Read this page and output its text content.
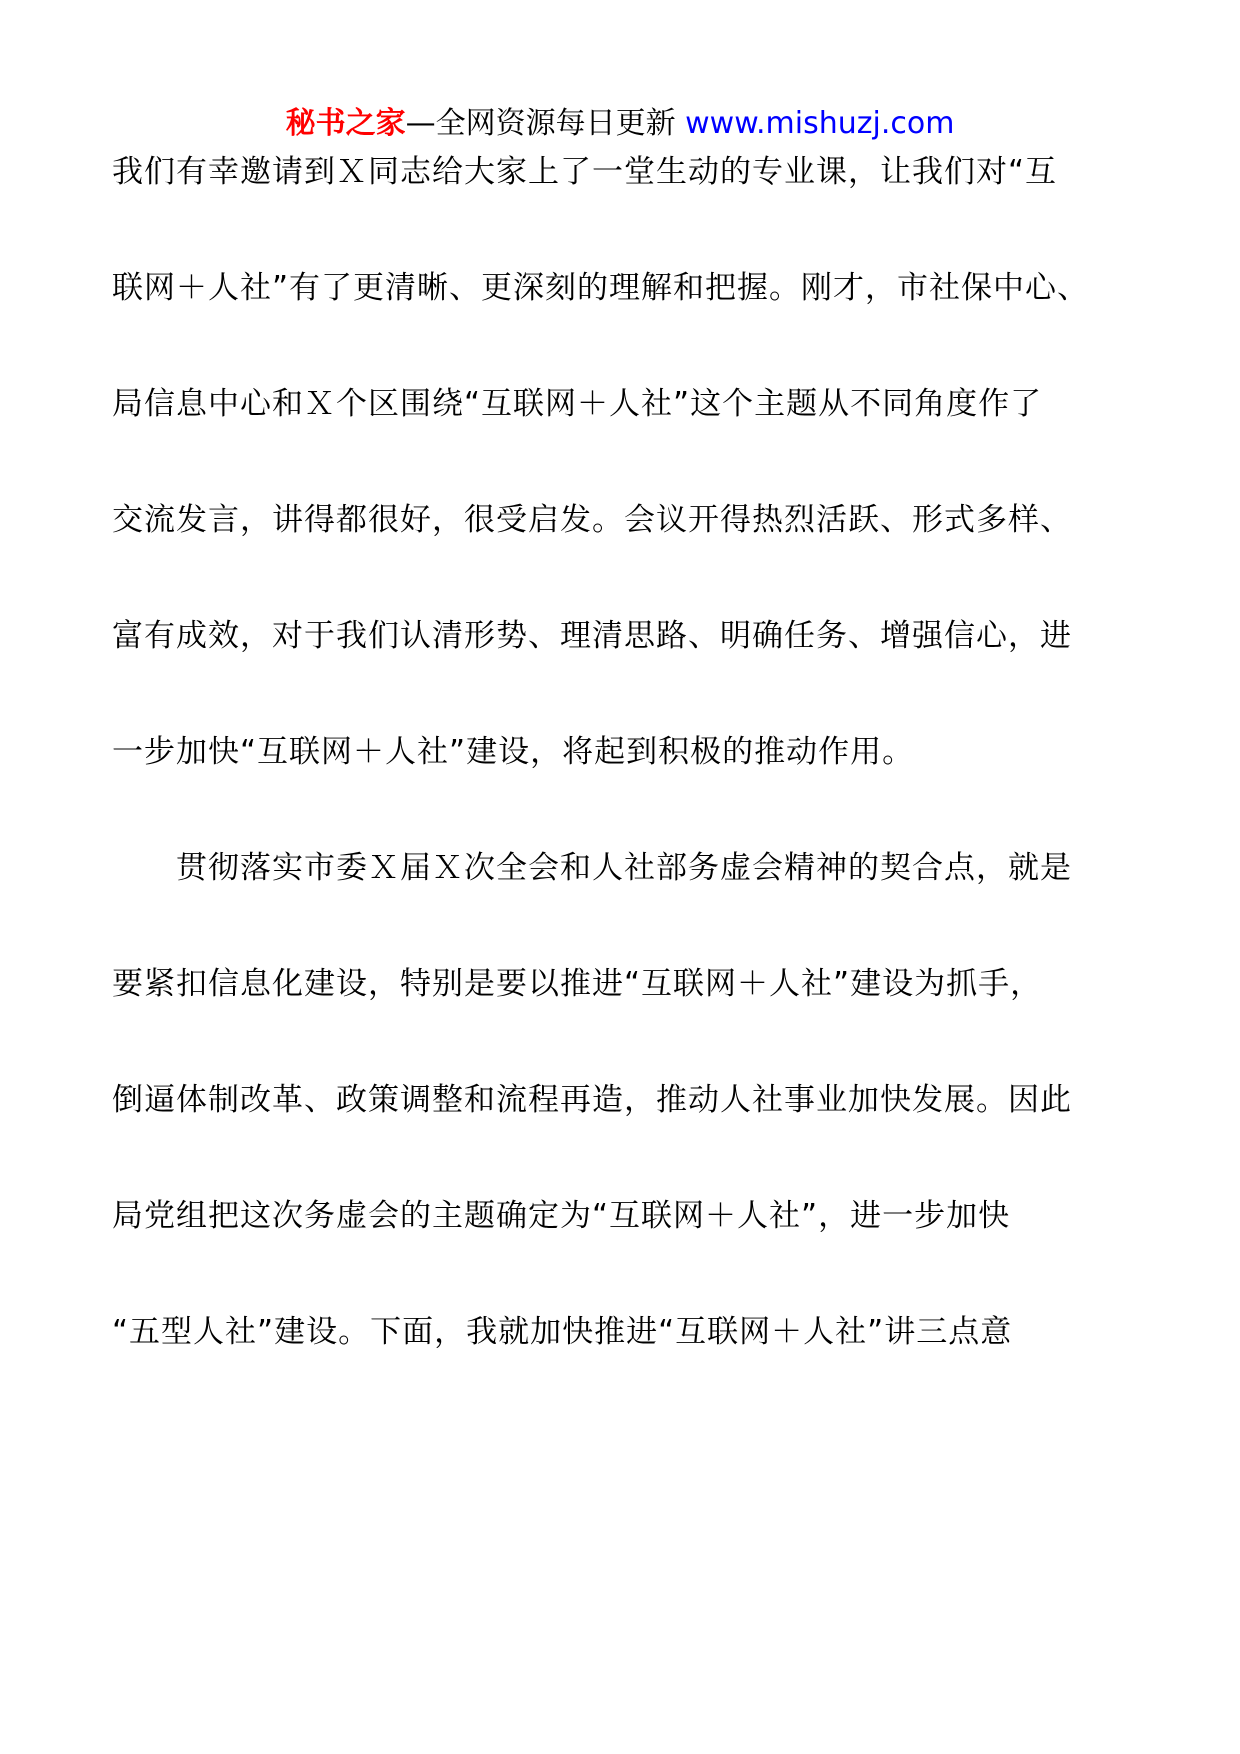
秘书之家—全网资源每日更新 www.mishuzj.com
我们有幸邀请到Ｘ同志给大家上了一堂生动的专业课，让我们对“互
联网＋人社”有了更清晰、更深刻的理解和把握。刚才，市社保中心、
局信息中心和Ｘ个区围绕“互联网＋人社”这个主题从不同角度作了
交流发言，讲得都很好，很受启发。会议开得热烈活跃、形式多样、
富有成效，对于我们认清形势、理清思路、明确任务、增强信心，进
一步加快“互联网＋人社”建设，将起到积极的推动作用。
　　贯彻落实市委Ｘ届Ｘ次全会和人社部务虚会精神的契合点，就是
要紧扣信息化建设，特别是要以推进“互联网＋人社”建设为抓手，
倒逼体制改革、政策调整和流程再造，推动人社事业加快发展。因此
局党组把这次务虚会的主题确定为“互联网＋人社”，进一步加快
“五型人社”建设。下面，我就加快推进“互联网＋人社”讲三点意
